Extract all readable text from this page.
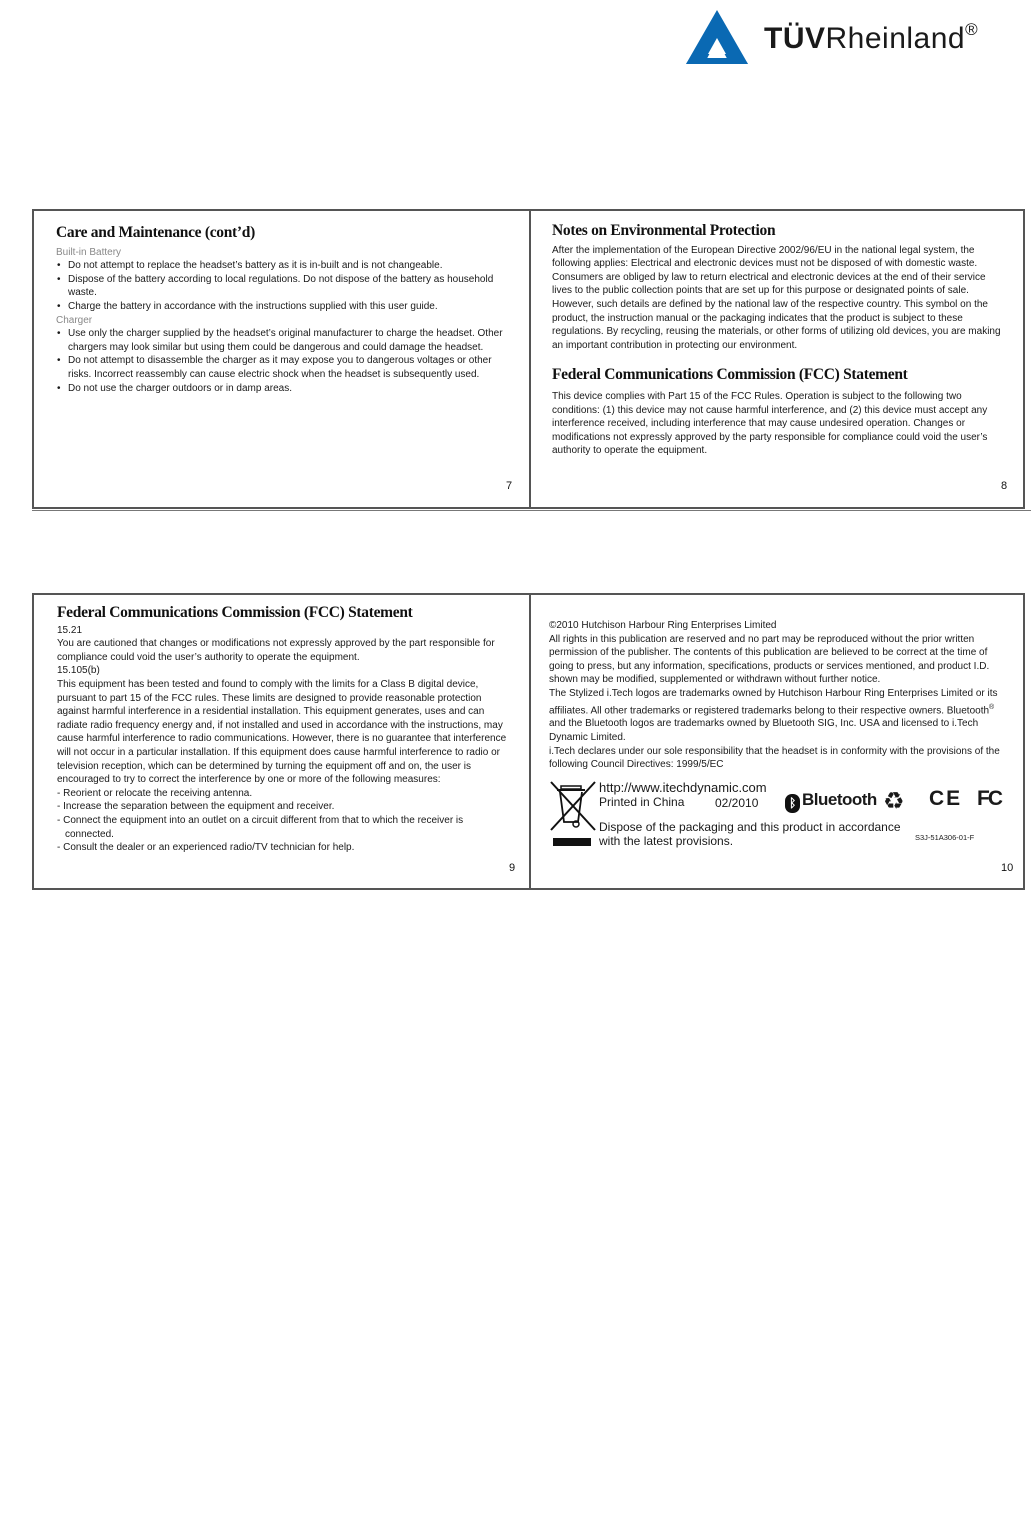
TÜVRheinland®
Care and Maintenance (cont’d)

Built-in Battery

• Do not attempt to replace the headset’s battery as it is in-built and is not changeable.
• Dispose of the battery according to local regulations. Do not dispose of the battery as household waste.
• Charge the battery in accordance with the instructions supplied with this user guide.

Charger

• Use only the charger supplied by the headset’s original manufacturer to charge the headset. Other chargers may look similar but using them could be dangerous and could damage the headset.
• Do not attempt to disassemble the charger as it may expose you to dangerous voltages or other risks. Incorrect reassembly can cause electric shock when the headset is subsequently used.
• Do not use the charger outdoors or in damp areas.
7
Notes on Environmental Protection

After the implementation of the European Directive 2002/96/EU in the national legal system, the following applies: Electrical and electronic devices must not be disposed of with domestic waste. Consumers are obliged by law to return electrical and electronic devices at the end of their service lives to the public collection points that are set up for this purpose or designated points of sale. However, such details are defined by the national law of the respective country. This symbol on the product, the instruction manual or the packaging indicates that the product is subject to these regulations. By recycling, reusing the materials, or other forms of utilizing old devices, you are making an important contribution in protecting our environment.

Federal Communications Commission (FCC) Statement

This device complies with Part 15 of the FCC Rules. Operation is subject to the following two conditions: (1) this device may not cause harmful interference, and (2) this device must accept any interference received, including interference that may cause undesired operation. Changes or modifications not expressly approved by the party responsible for compliance could void the user’s authority to operate the equipment.

8
Federal Communications Commission (FCC) Statement

15.21

You are cautioned that changes or modifications not expressly approved by the part responsible for compliance could void the user’s authority to operate the equipment.

15.105(b)

This equipment has been tested and found to comply with the limits for a Class B digital device, pursuant to part 15 of the FCC rules. These limits are designed to provide reasonable protection against harmful interference in a residential installation. This equipment generates, uses and can radiate radio frequency energy and, if not installed and used in accordance with the instructions, may cause harmful interference to radio communications. However, there is no guarantee that interference will not occur in a particular installation. If this equipment does cause harmful interference to radio or television reception, which can be determined by turning the equipment off and on, the user is encouraged to try to correct the interference by one or more of the following measures:

- Reorient or relocate the receiving antenna.
- Increase the separation between the equipment and receiver.
- Connect the equipment into an outlet on a circuit different from that to which the receiver is connected.
- Consult the dealer or an experienced radio/TV technician for help.
9

©2010 Hutchison Harbour Ring Enterprises Limited

All rights in this publication are reserved and no part may be reproduced without the prior written permission of the publisher. The contents of this publication are believed to be correct at the time of going to press, but any information, specifications, products or services mentioned, and product I.D. shown may be modified, supplemented or withdrawn without further notice.

The Stylized i.Tech logos are trademarks owned by Hutchison Harbour Ring Enterprises Limited or its affiliates. All other trademarks or registered trademarks belong to their respective owners. Bluetooth® and the Bluetooth logos are trademarks owned by Bluetooth SIG, Inc. USA and licensed to i.Tech Dynamic Limited.

i.Tech declares under our sole responsibility that the headset is in conformity with the provisions of the following Council Directives: 1999/5/EC

http://www.itechdynamic.com
Printed in China	02/2010	ᛒ Bluetooth ♻ CE FC
Dispose of the packaging and this product in accordance with the latest provisions.	S3J-51A306-01-F
10
